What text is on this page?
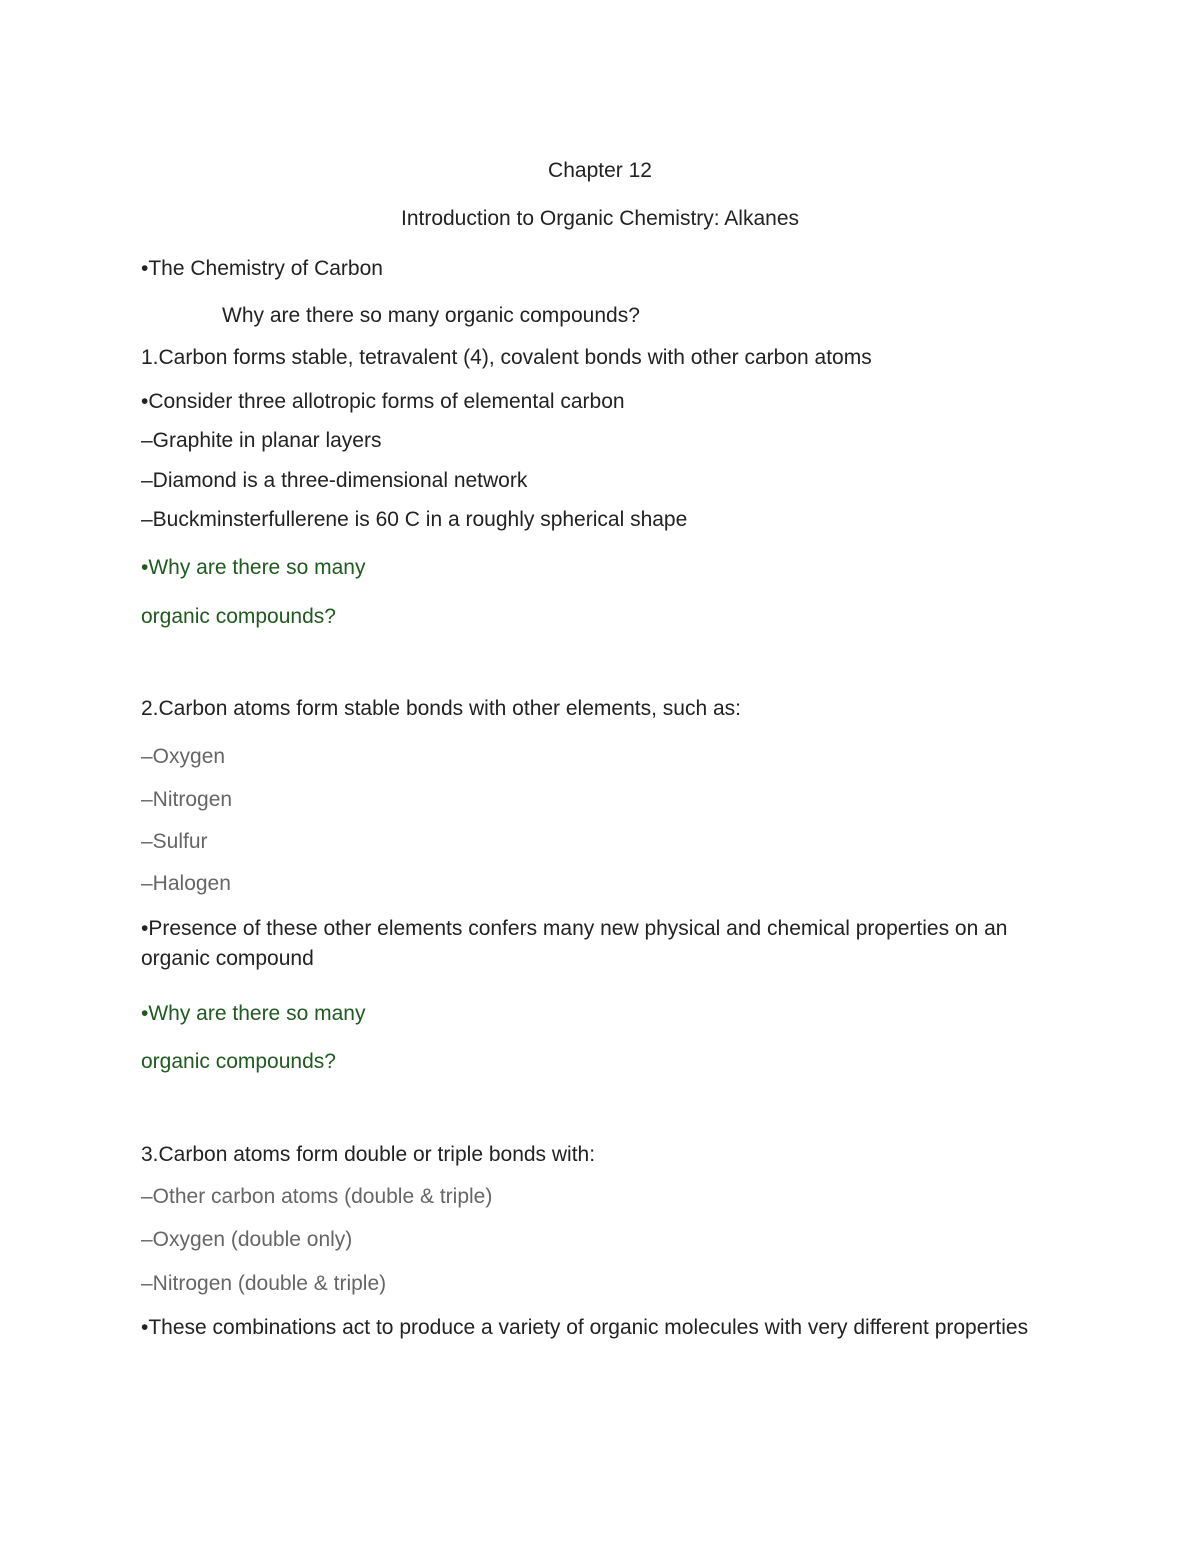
Chapter 12
Introduction to Organic Chemistry: Alkanes
•The Chemistry of Carbon
Why are there so many organic compounds?
1.Carbon forms stable, tetravalent (4), covalent bonds with other carbon atoms
•Consider three allotropic forms of elemental carbon
–Graphite in planar layers
–Diamond is a three-dimensional network
–Buckminsterfullerene is 60 C in a roughly spherical shape
•Why are there so many
organic compounds?
2.Carbon atoms form stable bonds with other elements, such as:
–Oxygen
–Nitrogen
–Sulfur
–Halogen
•Presence of these other elements confers many new physical and chemical properties on an organic compound
•Why are there so many
organic compounds?
3.Carbon atoms form double or triple bonds with:
–Other carbon atoms (double & triple)
–Oxygen (double only)
–Nitrogen (double & triple)
•These combinations act to produce a variety of organic molecules with very different properties
